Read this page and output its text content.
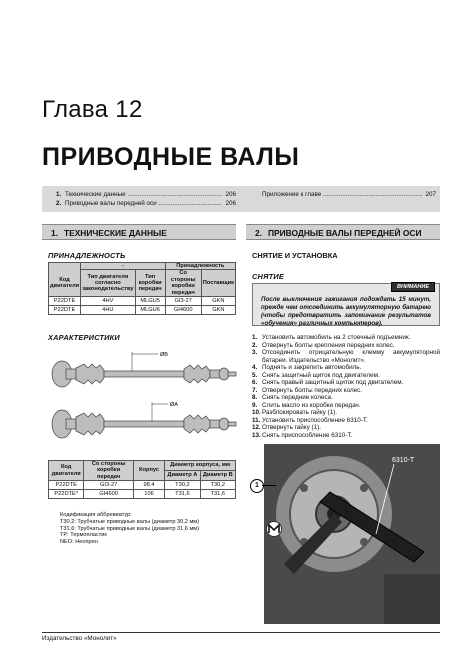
Глава 12
ПРИВОДНЫЕ ВАЛЫ
1. Технические данные .....	206
2. Приводные валы передней оси .....	206
Приложение к главе .....	207
1. ТЕХНИЧЕСКИЕ ДАННЫЕ	2. ПРИВОДНЫЕ ВАЛЫ ПЕРЕДНЕЙ ОСИ
ПРИНАДЛЕЖНОСТЬ
	-		Принадлежность	
Код двигателя	Тип двигателя согласно законодательству	Тип коробки передач	Со стороны коробки передач	Поставщик
P22DTE	4HV	MLGU5	GI3-27	GKN
P22DTE	4HU	MLGU6	GI4600	GKN
ХАРАКТЕРИСТИКИ
ØB
ØA
Код двигателя	Со стороны коробки передач	Корпус	Диаметр корпуса, мм	
			Диаметр A	Диаметр B
P22DTE	GI3-27	98,4	T30,2	T30,2
P22DTE*	GI4600	106	T31,6	T31,6
Кодификация аббревиатур:
T30,2: Трубчатые приводные валы (диаметр 30,2 мм)
T31,6: Трубчатые приводные валы (диаметр 31,6 мм)
TP: Термопластик
NEO: Неопрен
СНЯТИЕ И УСТАНОВКА
СНЯТИЕ
ВНИМАНИЕ
После выключения зажигания подождать 15 минут, прежде чем отсоединить аккумуляторную батарею (чтобы предотвратить запоминание результатов «обучения» различных компьютеров).
1. Установить автомобиль на 2 стоечный подъемник.
2. Отвернуть болты крепления передних колес.
3. Отсоединить отрицательную клемму аккумуляторной батареи. Издательство «Монолит».
4. Поднять и закрепить автомобиль.
5. Снять защитный щиток под двигателем.
6. Снять правый защитный щиток под двигателем.
7. Отвернуть болты передних колес.
8. Снять передние колеса.
9. Слить масло из коробки передач.
10. Разблокировать гайку (1).
11. Установить приспособление 6310-T.
12. Отвернуть гайку (1).
13. Снять приспособление 6310-T.
6310-T
1
Издательство «Монолит»
